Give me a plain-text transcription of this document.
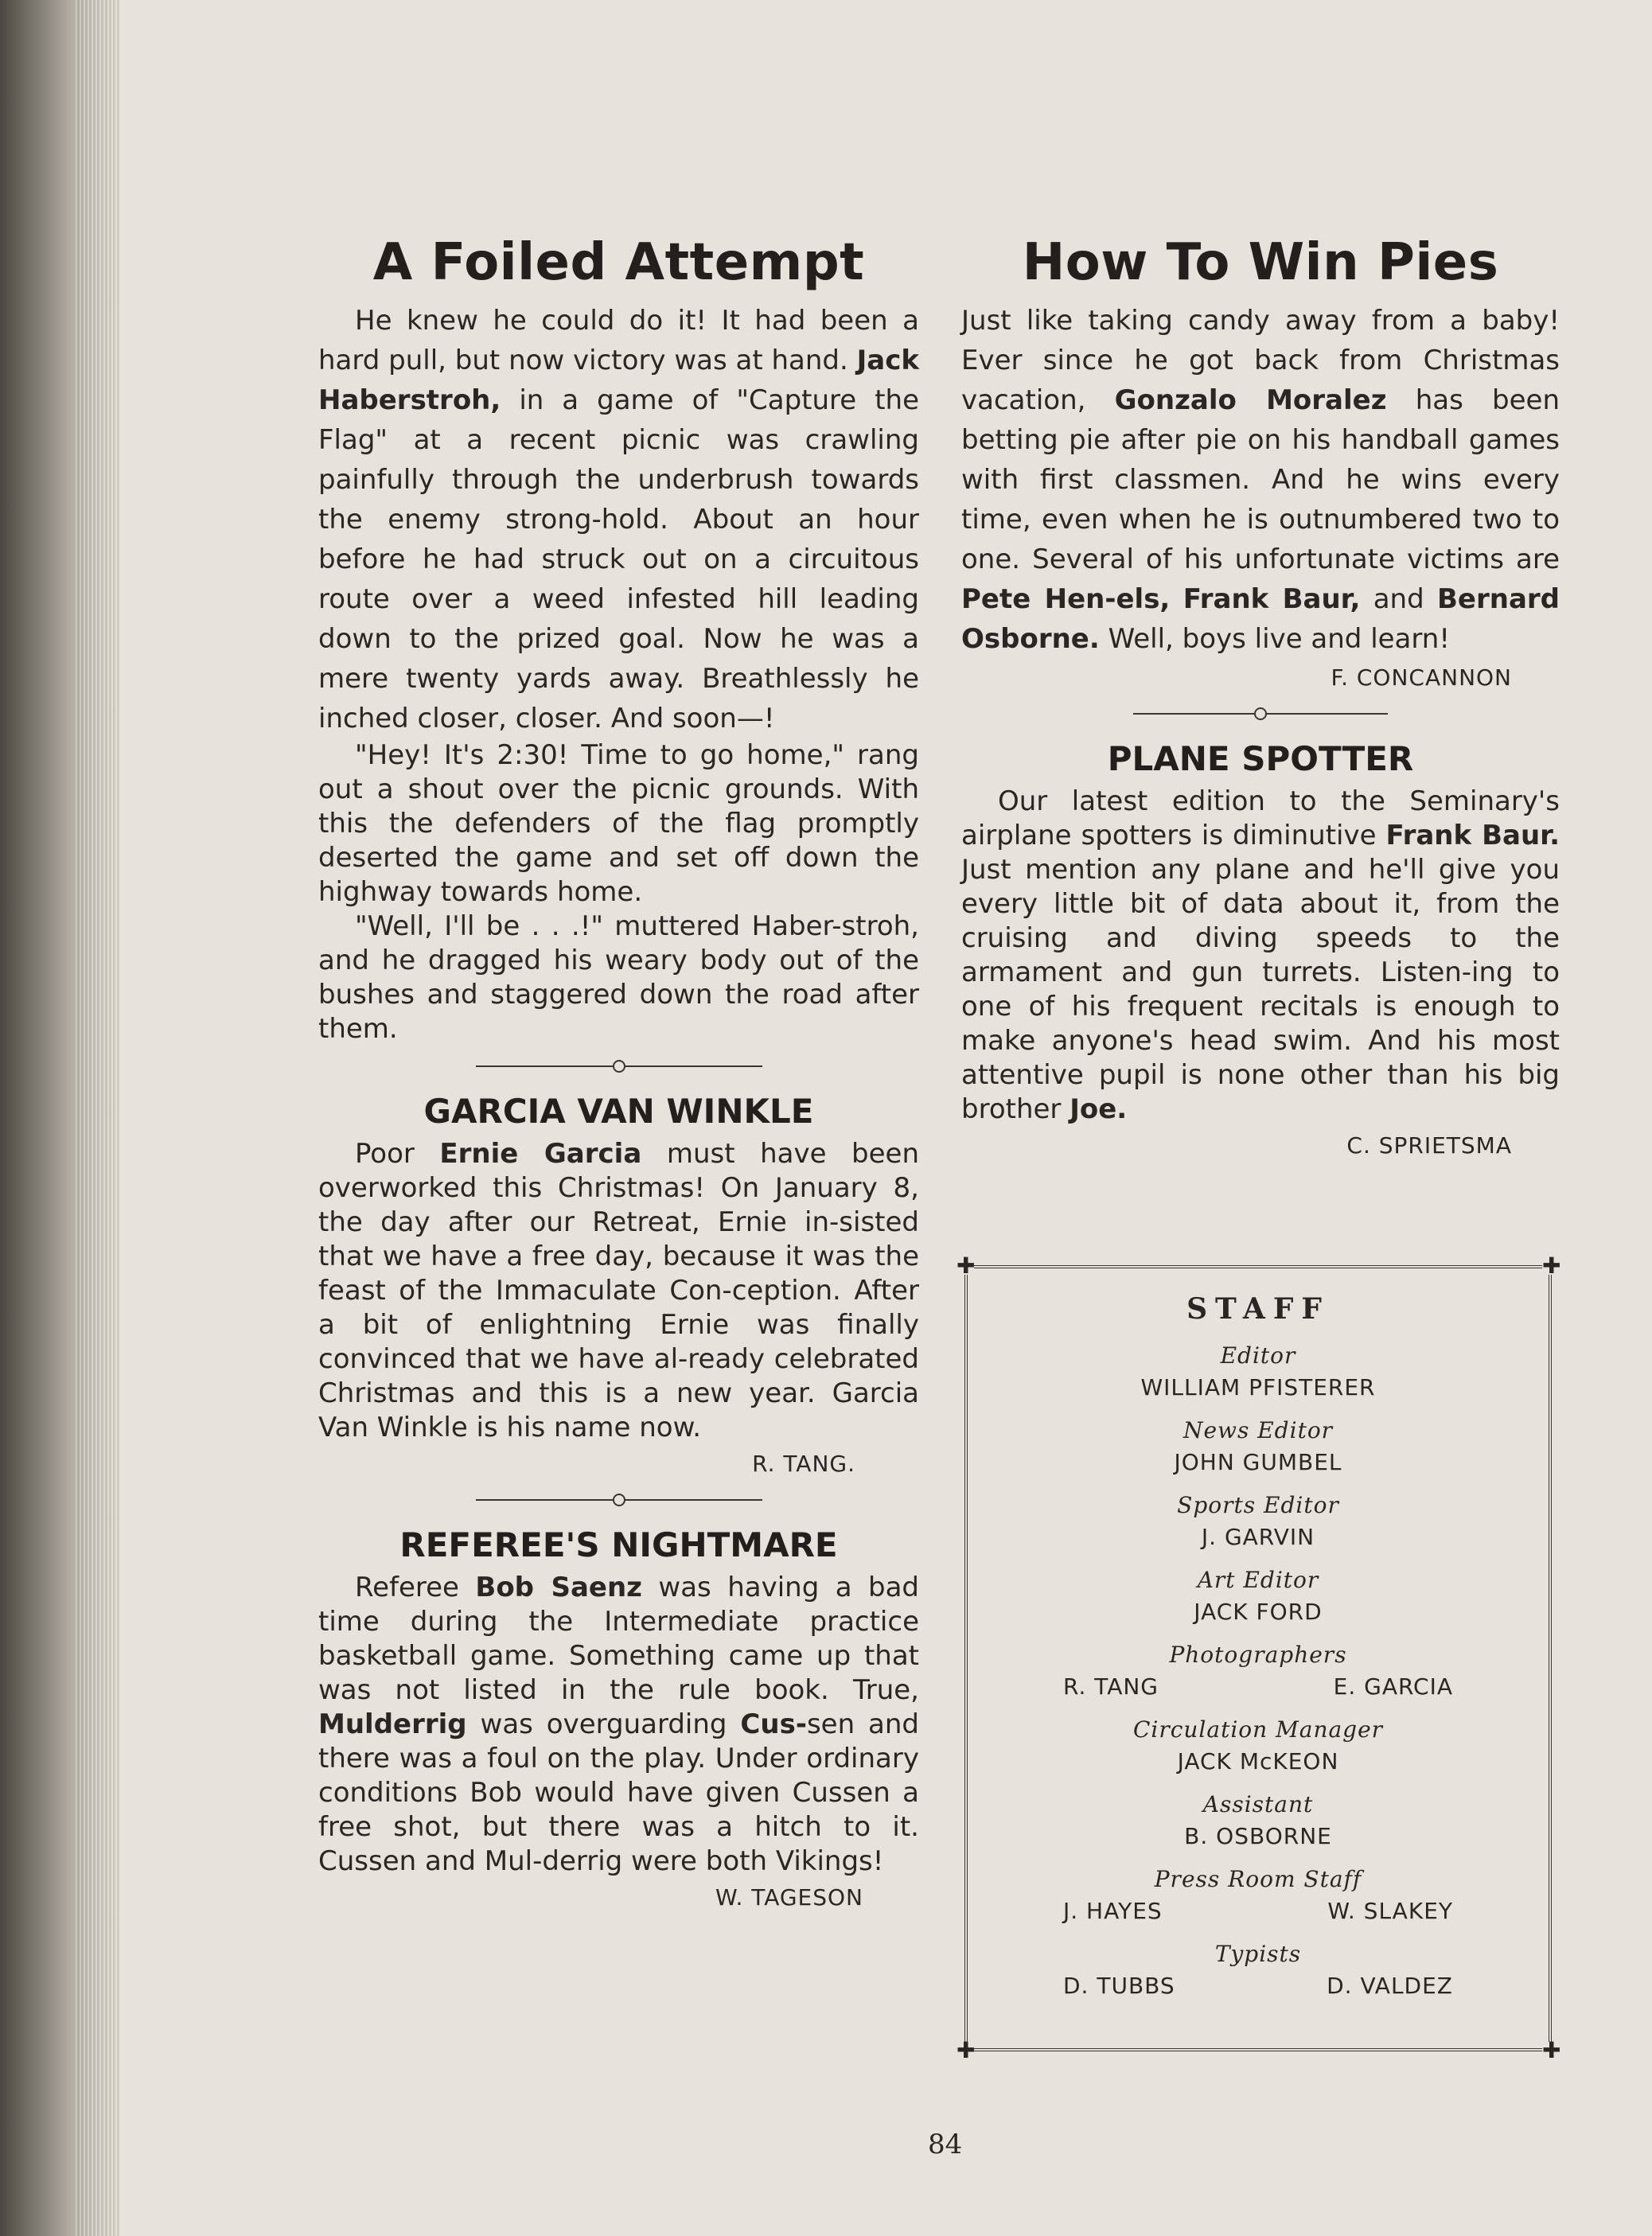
A Foiled Attempt

He knew he could do it! It had been a hard pull, but now victory was at hand. Jack Haberstroh, in a game of "Capture the Flag" at a recent picnic was crawling painfully through the underbrush towards the enemy strong-hold. About an hour before he had struck out on a circuitous route over a weed infested hill leading down to the prized goal. Now he was a mere twenty yards away. Breathlessly he inched closer, closer. And soon—!

"Hey! It's 2:30! Time to go home," rang out a shout over the picnic grounds. With this the defenders of the flag promptly deserted the game and set off down the highway towards home.

"Well, I'll be . . .!" muttered Haber-stroh, and he dragged his weary body out of the bushes and staggered down the road after them.

GARCIA VAN WINKLE

Poor Ernie Garcia must have been overworked this Christmas! On January 8, the day after our Retreat, Ernie in-sisted that we have a free day, because it was the feast of the Immaculate Con-ception. After a bit of enlightning Ernie was finally convinced that we have al-ready celebrated Christmas and this is a new year. Garcia Van Winkle is his name now.

R. TANG.

REFEREE'S NIGHTMARE

Referee Bob Saenz was having a bad time during the Intermediate practice basketball game. Something came up that was not listed in the rule book. True, Mulderrig was overguarding Cus-sen and there was a foul on the play. Under ordinary conditions Bob would have given Cussen a free shot, but there was a hitch to it. Cussen and Mul-derrig were both Vikings!

W. TAGESON

How To Win Pies

Just like taking candy away from a baby! Ever since he got back from Christmas vacation, Gonzalo Moralez has been betting pie after pie on his handball games with first classmen. And he wins every time, even when he is outnumbered two to one. Several of his unfortunate victims are Pete Hen-els, Frank Baur, and Bernard Osborne. Well, boys live and learn!

F. CONCANNON

PLANE SPOTTER

Our latest edition to the Seminary's airplane spotters is diminutive Frank Baur. Just mention any plane and he'll give you every little bit of data about it, from the cruising and diving speeds to the armament and gun turrets. Listen-ing to one of his frequent recitals is enough to make anyone's head swim. And his most attentive pupil is none other than his big brother Joe.

C. SPRIETSMA

✚	✚
✚	✚
STAFF
Editor
WILLIAM PFISTERER
News Editor
JOHN GUMBEL
Sports Editor
J. GARVIN
Art Editor
JACK FORD
Photographers
R. TANG	E. GARCIA
Circulation Manager
JACK McKEON
Assistant
B. OSBORNE
Press Room Staff
J. HAYES	W. SLAKEY
Typists
D. TUBBS	D. VALDEZ
84
